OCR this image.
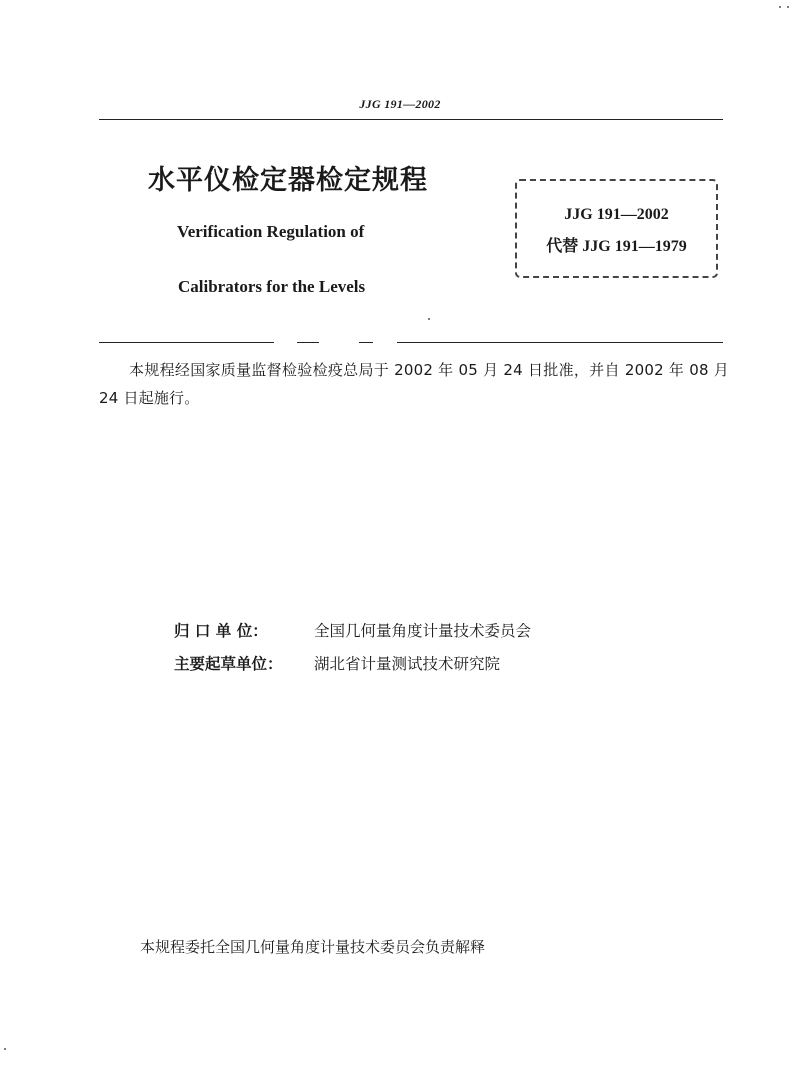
JJG 191—2002
水平仪检定器检定规程
Verification Regulation of
Calibrators for the Levels
JJG 191—2002
代替 JJG 191—1979
本规程经国家质量监督检验检疫总局于 2002 年 05 月 24 日批准，并自 2002 年 08 月 24 日起施行。
归 口 单 位：	全国几何量角度计量技术委员会
主要起草单位： 湖北省计量测试技术研究院
本规程委托全国几何量角度计量技术委员会负责解释
